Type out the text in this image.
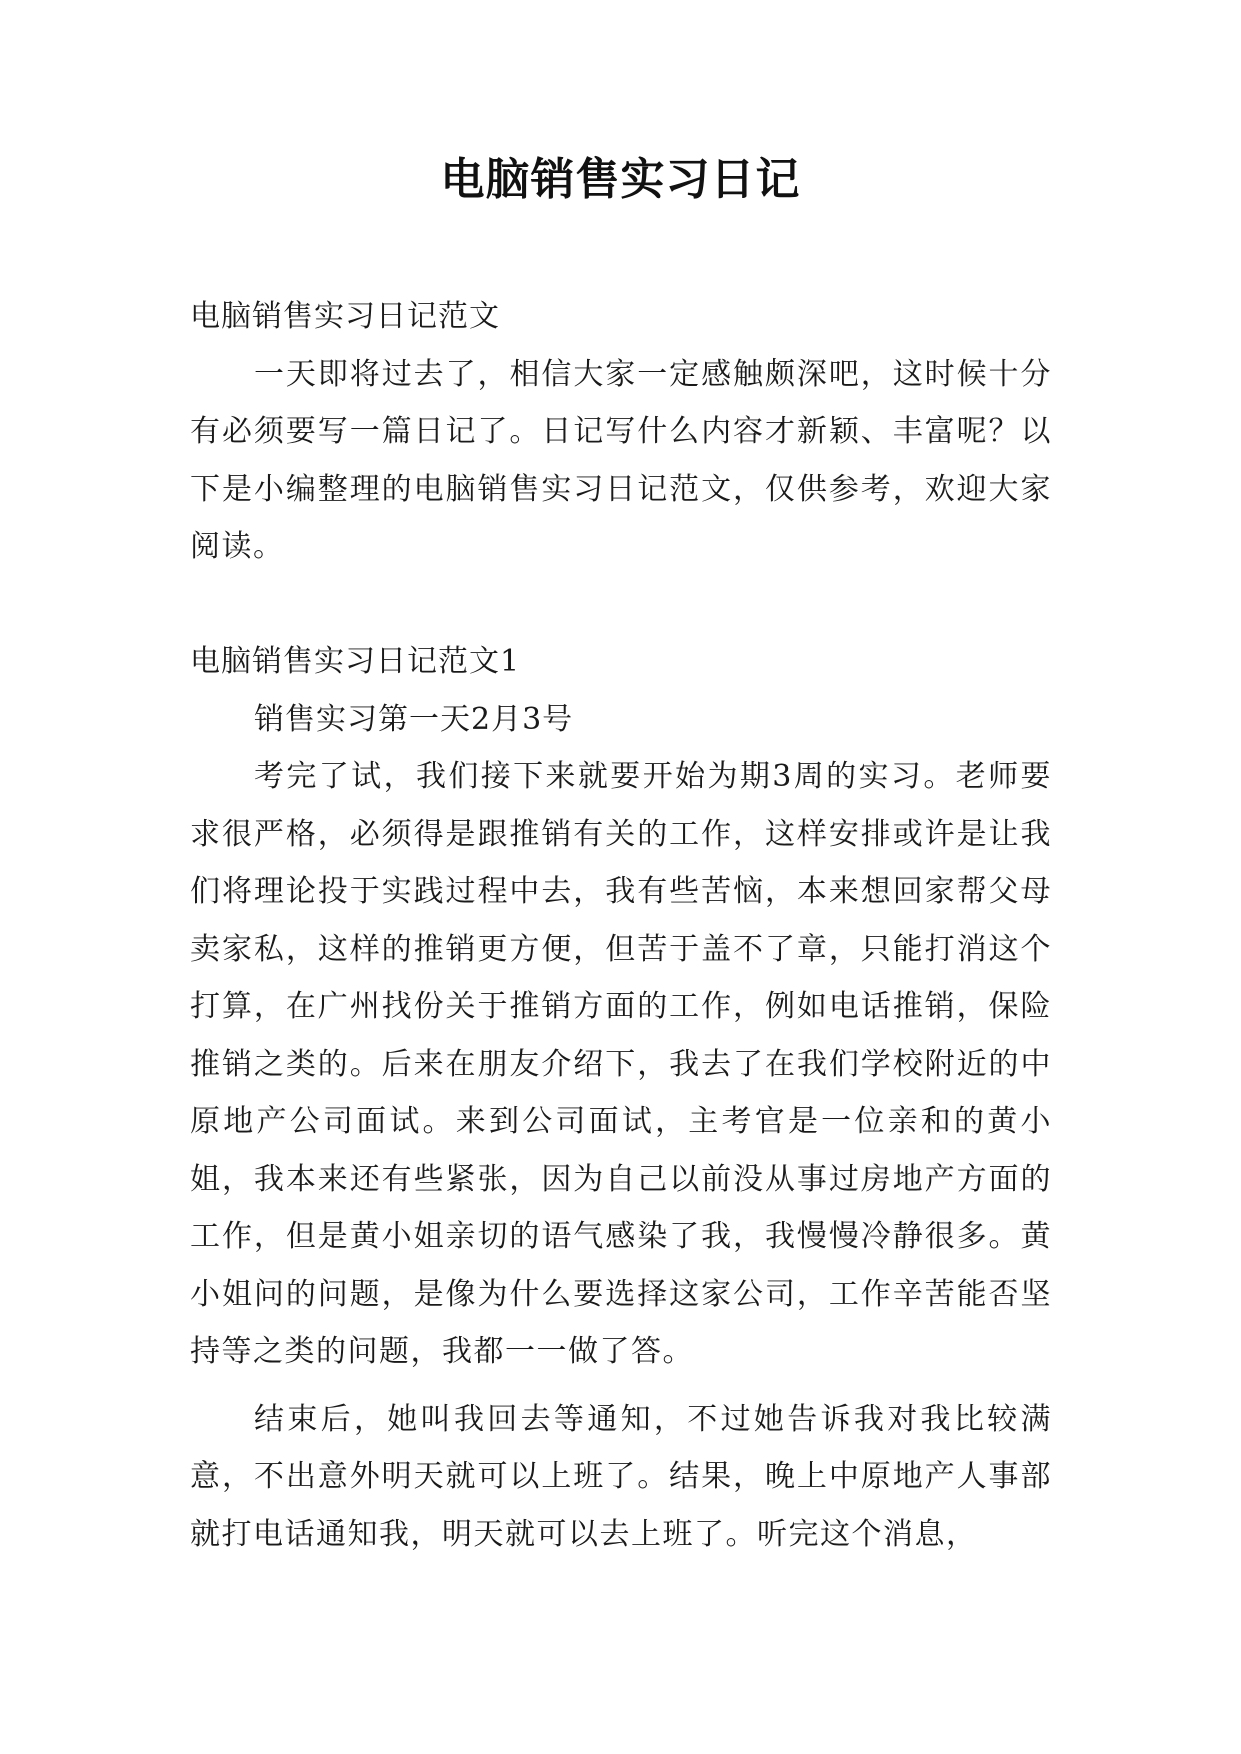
电脑销售实习日记

电脑销售实习日记范文

一天即将过去了，相信大家一定感触颇深吧，这时候十分有必须要写一篇日记了。日记写什么内容才新颖、丰富呢？以下是小编整理的电脑销售实习日记范文，仅供参考，欢迎大家阅读。

电脑销售实习日记范文1

销售实习第一天2月3号

考完了试，我们接下来就要开始为期3周的实习。老师要求很严格，必须得是跟推销有关的工作，这样安排或许是让我们将理论投于实践过程中去，我有些苦恼，本来想回家帮父母卖家私，这样的推销更方便，但苦于盖不了章，只能打消这个打算，在广州找份关于推销方面的工作，例如电话推销，保险推销之类的。后来在朋友介绍下，我去了在我们学校附近的中原地产公司面试。来到公司面试，主考官是一位亲和的黄小姐，我本来还有些紧张，因为自己以前没从事过房地产方面的工作，但是黄小姐亲切的语气感染了我，我慢慢冷静很多。黄小姐问的问题，是像为什么要选择这家公司，工作辛苦能否坚持等之类的问题，我都一一做了答。

结束后，她叫我回去等通知，不过她告诉我对我比较满意，不出意外明天就可以上班了。结果，晚上中原地产人事部就打电话通知我，明天就可以去上班了。听完这个消息，
